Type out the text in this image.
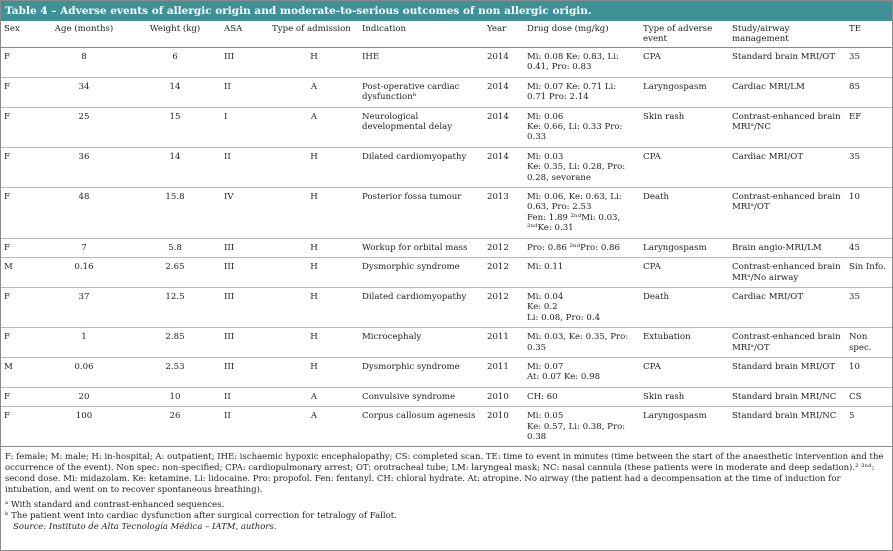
Table 4 – Adverse events of allergic origin and moderate-to-serious outcomes of non allergic origin.
Sex	Age (months)	Weight (kg)	ASA	Type of admission	Indication	Year	Drug dose (mg/kg)	Type of adverse event	Study/airway management	TE
F	8	6	III	H	IHE	2014	Mi: 0.08 Ke: 0.83, Li: 0.41, Pro: 0.83	CPA	Standard brain MRI/OT	35
F	34	14	II	A	Post-operative cardiac dysfunctionᵇ	2014	Mi: 0.07 Ke: 0.71 Li: 0.71 Pro: 2.14	Laryngospasm	Cardiac MRI/LM	85
F	25	15	I	A	Neurological developmental delay	2014	Mi: 0.06
Ke: 0.66, Li: 0.33 Pro: 0.33	Skin rash	Contrast-enhanced brain MRIᵃ/NC	EF
F	36	14	II	H	Dilated cardiomyopathy	2014	Mi: 0.03
Ke: 0.35, Li: 0.28, Pro: 0.28, sevorane	CPA	Cardiac MRI/OT	35
F	48	15.8	IV	H	Posterior fossa tumour	2013	Mi: 0.06, Ke: 0.63, Li: 0.63, Pro: 2.53
Fen: 1.89 ²ⁿᵈMi: 0.03, ²ⁿᵈKe: 0.31	Death	Contrast-enhanced brain MRIᵃ/OT	10
F	7	5.8	III	H	Workup for orbital mass	2012	Pro: 0.86 ²ⁿᵈPro: 0.86	Laryngospasm	Brain angio-MRI/LM	45
M	0.16	2.65	III	H	Dysmorphic syndrome	2012	Mi: 0.11	CPA	Contrast-enhanced brain MRᵃ/No airway	Sin Info.
F	37	12.5	III	H	Dilated cardiomyopathy	2012	Mi: 0.04
Ke: 0.2
Li: 0.08, Pro: 0.4	Death	Cardiac MRI/OT	35
F	1	2.85	III	H	Microcephaly	2011	Mi: 0.03, Ke: 0.35, Pro: 0.35	Extubation	Contrast-enhanced brain MRIᵃ/OT	Non spec.
M	0.06	2.53	III	H	Dysmorphic syndrome	2011	Mi: 0.07
At: 0.07 Ke: 0.98	CPA	Standard brain MRI/OT	10
F	20	10	II	A	Convulsive syndrome	2010	CH: 60	Skin rash	Standard brain MRI/NC	CS
F	100	26	II	A	Corpus callosum agenesis	2010	Mi: 0.05
Ke: 0.57, Li: 0.38, Pro: 0.38	Laryngospasm	Standard brain MRI/NC	5

F: female; M: male; H: in-hospital; A: outpatient; IHE: ischaemic hypoxic encephalopathy; CS: completed scan. TE: time to event in minutes (time between the start of the anaesthetic intervention and the occurrence of the event). Non spec: non-specified; CPA: cardiopulmonary arrest; OT: orotracheal tube; LM: laryngeal mask; NC: nasal cannula (these patients were in moderate and deep sedation).² ²ⁿᵈ: second dose. Mi: midazolam. Ke: ketamine. Li: lidocaine. Pro: propofol. Fen: fentanyl. CH: chloral hydrate. At: atropine. No airway (the patient had a decompensation at the time of induction for intubation, and went on to recover spontaneous breathing).

ᵃ With standard and contrast-enhanced sequences.

ᵇ The patient went into cardiac dysfunction after surgical correction for tetralogy of Fallot.

Source: Instituto de Alta Tecnología Médica – IATM, authors.
